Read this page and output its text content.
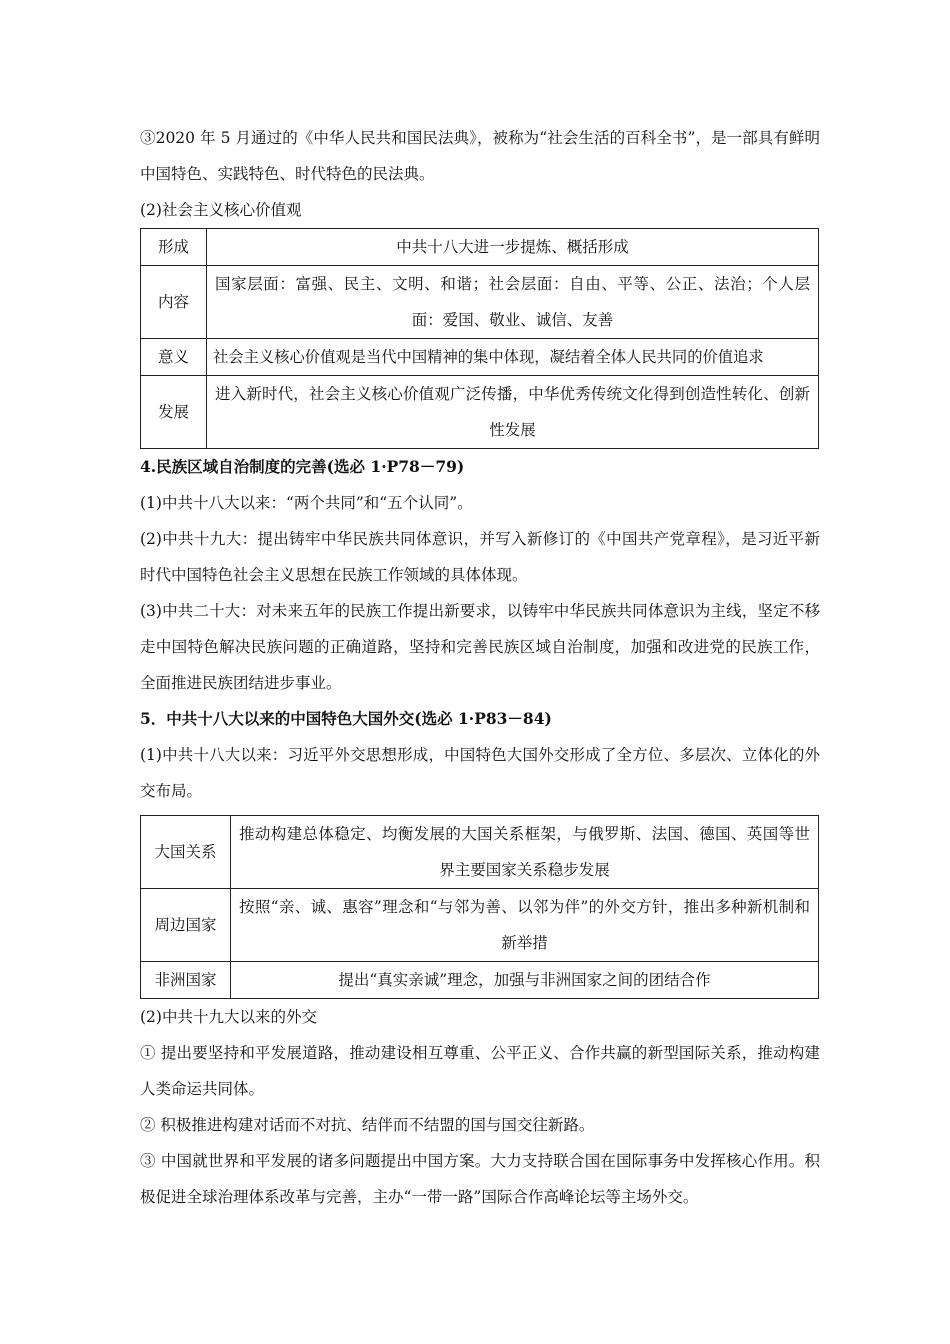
③2020 年 5 月通过的《中华人民共和国民法典》，被称为“社会生活的百科全书”，是一部具有鲜明中国特色、实践特色、时代特色的民法典。

(2)社会主义核心价值观

形成	中共十八大进一步提炼、概括形成
内容	国家层面：富强、民主、文明、和谐；社会层面：自由、平等、公正、法治；个人层面：爱国、敬业、诚信、友善
意义	社会主义核心价值观是当代中国精神的集中体现，凝结着全体人民共同的价值追求
发展	进入新时代，社会主义核心价值观广泛传播，中华优秀传统文化得到创造性转化、创新性发展

4.民族区域自治制度的完善(选必 1·P78－79)

(1)中共十八大以来：“两个共同”和“五个认同”。

(2)中共十九大：提出铸牢中华民族共同体意识，并写入新修订的《中国共产党章程》，是习近平新时代中国特色社会主义思想在民族工作领域的具体体现。

(3)中共二十大：对未来五年的民族工作提出新要求，以铸牢中华民族共同体意识为主线，坚定不移走中国特色解决民族问题的正确道路，坚持和完善民族区域自治制度，加强和改进党的民族工作，全面推进民族团结进步事业。

5．中共十八大以来的中国特色大国外交(选必 1·P83－84)

(1)中共十八大以来：习近平外交思想形成，中国特色大国外交形成了全方位、多层次、立体化的外交布局。

大国关系	推动构建总体稳定、均衡发展的大国关系框架，与俄罗斯、法国、德国、英国等世界主要国家关系稳步发展
周边国家	按照“亲、诚、惠容”理念和“与邻为善、以邻为伴”的外交方针，推出多种新机制和新举措
非洲国家	提出“真实亲诚”理念，加强与非洲国家之间的团结合作

(2)中共十九大以来的外交

① 提出要坚持和平发展道路，推动建设相互尊重、公平正义、合作共赢的新型国际关系，推动构建人类命运共同体。

② 积极推进构建对话而不对抗、结伴而不结盟的国与国交往新路。

③ 中国就世界和平发展的诸多问题提出中国方案。大力支持联合国在国际事务中发挥核心作用。积极促进全球治理体系改革与完善，主办“一带一路”国际合作高峰论坛等主场外交。
